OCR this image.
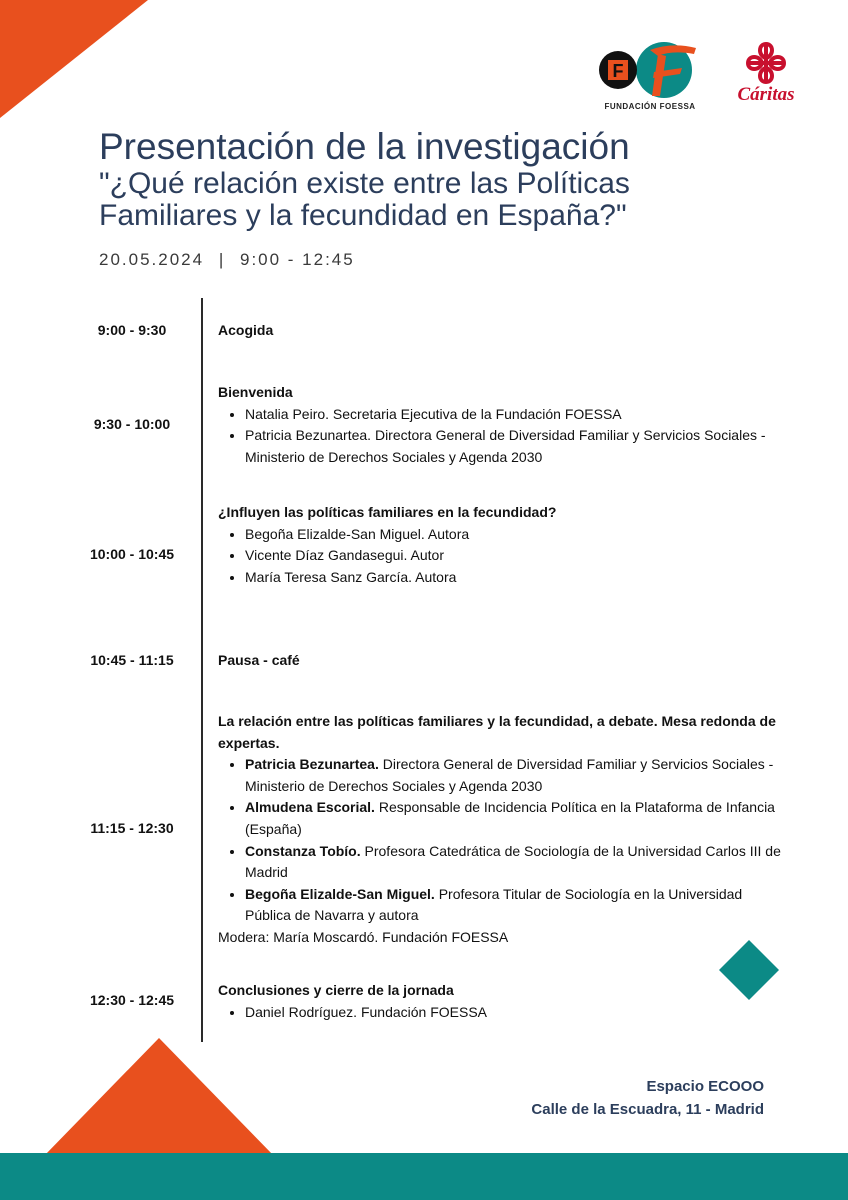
F
FUNDACIÓN FOESSA
Cáritas
Presentación de la investigación
"¿Qué relación existe entre las Políticas
Familiares y la fecundidad en España?"
20.05.2024 | 9:00 - 12:45
9:00 - 9:30	Acogida
9:30 - 10:00
Bienvenida
• Natalia Peiro. Secretaria Ejecutiva de la Fundación FOESSA
• Patricia Bezunartea. Directora General de Diversidad Familiar y Servicios Sociales - Ministerio de Derechos Sociales y Agenda 2030
10:00 - 10:45
¿Influyen las políticas familiares en la fecundidad?
• Begoña Elizalde-San Miguel. Autora
• Vicente Díaz Gandasegui. Autor
• María Teresa Sanz García. Autora
10:45 - 11:15	Pausa - café
11:15 - 12:30
La relación entre las políticas familiares y la fecundidad, a debate. Mesa redonda de expertas.
• Patricia Bezunartea. Directora General de Diversidad Familiar y Servicios Sociales - Ministerio de Derechos Sociales y Agenda 2030
• Almudena Escorial. Responsable de Incidencia Política en la Plataforma de Infancia (España)
• Constanza Tobío. Profesora Catedrática de Sociología de la Universidad Carlos III de Madrid
• Begoña Elizalde-San Miguel. Profesora Titular de Sociología en la Universidad Pública de Navarra y autora
Modera: María Moscardó. Fundación FOESSA
12:30 - 12:45
Conclusiones y cierre de la jornada
• Daniel Rodríguez. Fundación FOESSA
Espacio ECOOO
Calle de la Escuadra, 11 - Madrid
